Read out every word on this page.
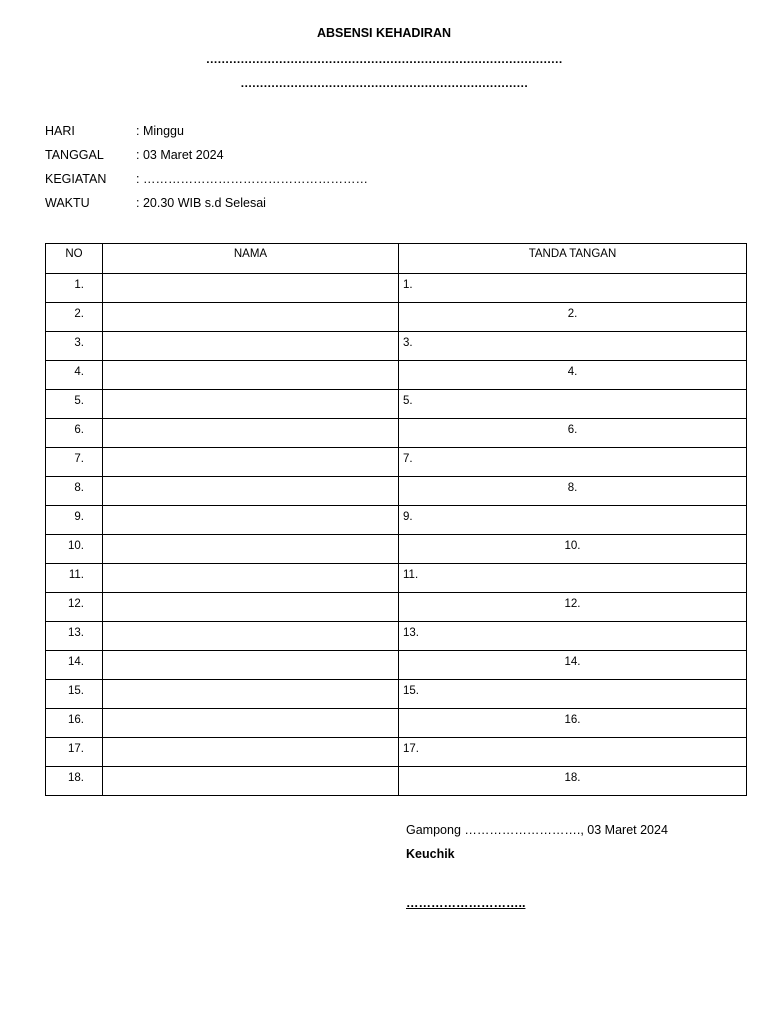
ABSENSI KEHADIRAN
…………………………………………………………………………………
…………………………………………………………………
HARI	: Minggu
TANGGAL	: 03 Maret 2024
KEGIATAN : ………………………………………………
WAKTU	: 20.30 WIB s.d Selesai
NO	NAMA	TANDA TANGAN
1.		1.
2.		2.
3.		3.
4.		4.
5.		5.
6.		6.
7.		7.
8.		8.
9.		9.
10.		10.
11.		11.
12.		12.
13.		13.
14.		14.
15.		15.
16.		16.
17.		17.
18.		18.
Gampong ………………………., 03 Maret 2024
Keuchik
………………………..
